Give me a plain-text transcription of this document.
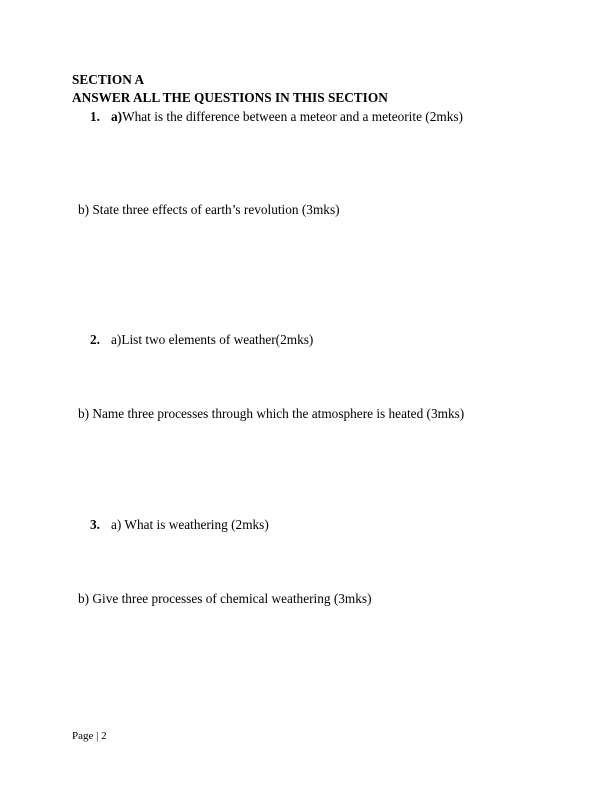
SECTION A
ANSWER ALL THE QUESTIONS IN THIS SECTION
1. a)What is the difference between a meteor and a meteorite (2mks)
b) State three effects of earth’s revolution (3mks)
2. a)List two elements of weather(2mks)
b) Name three processes through which the atmosphere is heated (3mks)
3. a) What is weathering (2mks)
b) Give three processes of chemical weathering (3mks)
Page | 2
